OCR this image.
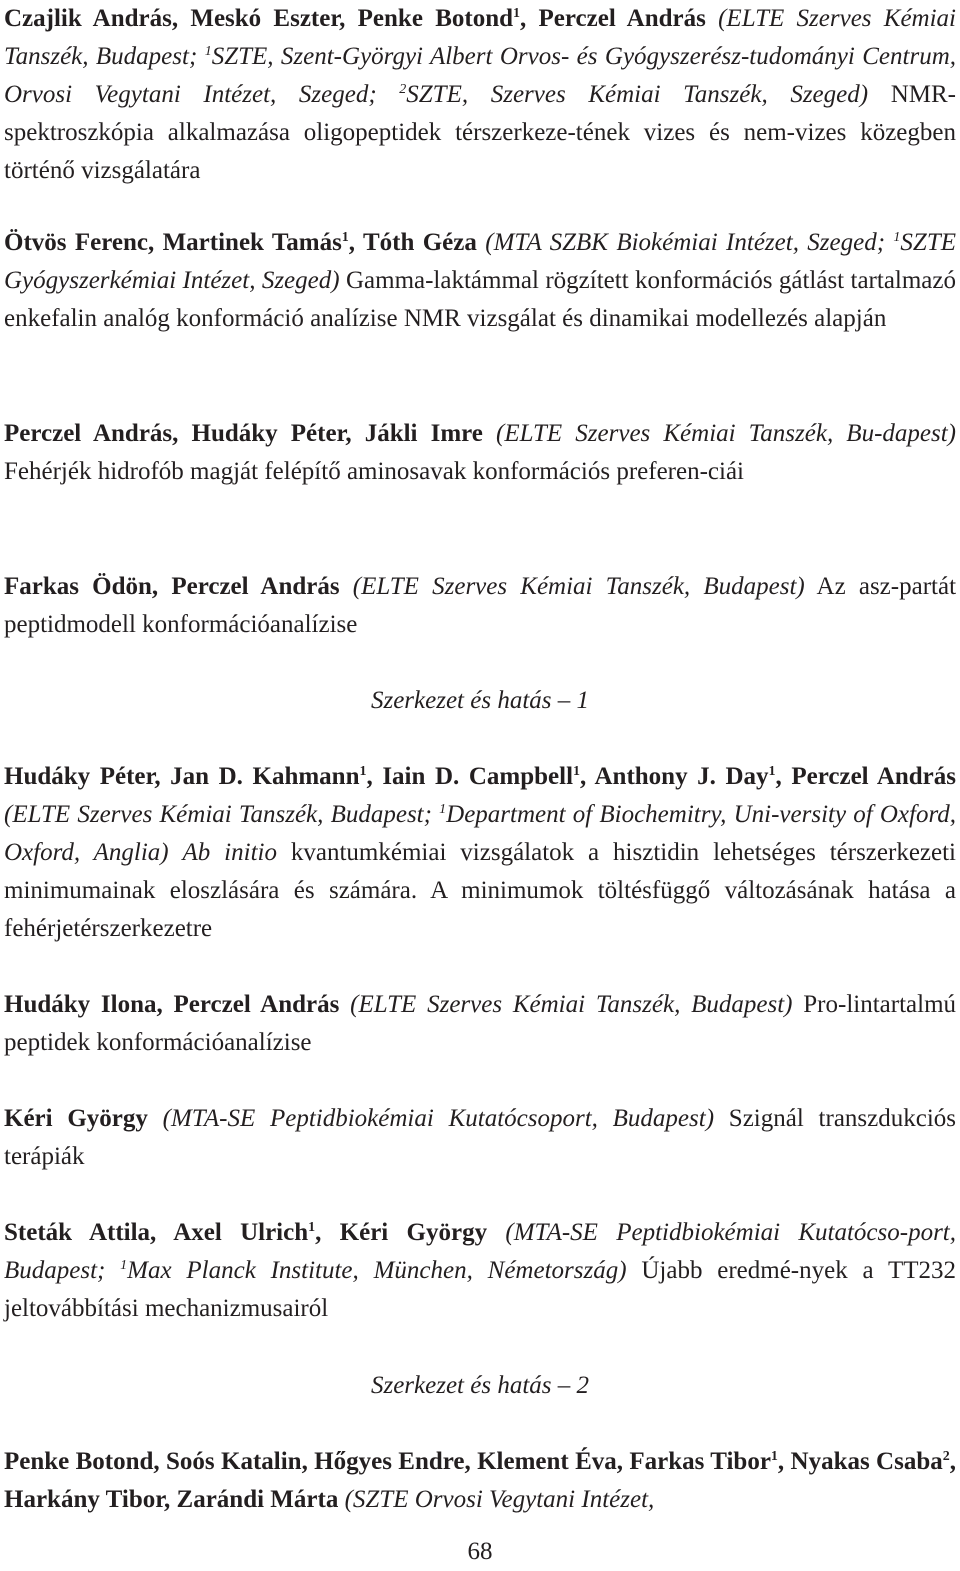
Czajlik András, Meskó Eszter, Penke Botond$^1$, Perczel András (ELTE Szerves Kémiai Tanszék, Budapest; $^1$SZTE, Szent-Györgyi Albert Orvos- és Gyógyszerész-tudományi Centrum, Orvosi Vegytani Intézet, Szeged; $^2$SZTE, Szerves Kémiai Tanszék, Szeged) NMR-spektroszkópia alkalmazása oligopeptidek térszerkeze-tének vizes és nem-vizes közegben történő vizsgálatára

Ötvös Ferenc, Martinek Tamás$^1$, Tóth Géza (MTA SZBK Biokémiai Intézet, Szeged; $^1$SZTE Gyógyszerkémiai Intézet, Szeged) Gamma-laktámmal rögzített konformációs gátlást tartalmazó enkefalin analóg konformáció analízise NMR vizsgálat és dinamikai modellezés alapján

Perczel András, Hudáky Péter, Jákli Imre (ELTE Szerves Kémiai Tanszék, Bu-dapest) Fehérjék hidrofób magját felépítő aminosavak konformációs preferen-ciái

Farkas Ödön, Perczel András (ELTE Szerves Kémiai Tanszék, Budapest) Az asz-partát peptidmodell konformációanalízise

Szerkezet és hatás – 1

Hudáky Péter, Jan D. Kahmann$^1$, Iain D. Campbell$^1$, Anthony J. Day$^1$, Perczel András (ELTE Szerves Kémiai Tanszék, Budapest; $^1$Department of Biochemitry, Uni-versity of Oxford, Oxford, Anglia) Ab initio kvantumkémiai vizsgálatok a hisztidin lehetséges térszerkezeti minimumainak eloszlására és számára. A minimumok töltésfüggő változásának hatása a fehérjetérszerkezetre

Hudáky Ilona, Perczel András (ELTE Szerves Kémiai Tanszék, Budapest) Pro-lintartalmú peptidek konformációanalízise

Kéri György (MTA-SE Peptidbiokémiai Kutatócsoport, Budapest) Szignál transzdukciós terápiák

Steták Attila, Axel Ulrich$^1$, Kéri György (MTA-SE Peptidbiokémiai Kutatócso-port, Budapest; $^1$Max Planck Institute, München, Németország) Újabb eredmé-nyek a TT232 jeltovábbítási mechanizmusairól

Szerkezet és hatás – 2

Penke Botond, Soós Katalin, Hőgyes Endre, Klement Éva, Farkas Tibor$^1$, Nyakas Csaba$^2$, Harkány Tibor, Zarándi Márta (SZTE Orvosi Vegytani Intézet,

68
